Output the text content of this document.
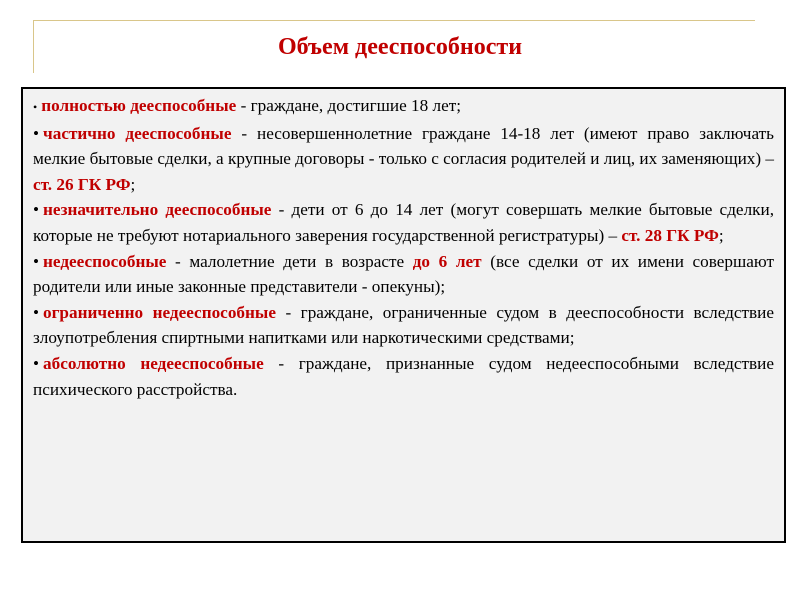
Объем дееспособности
• полностью дееспособные - граждане, достигшие 18 лет;
• частично дееспособные - несовершеннолетние граждане 14-18 лет (имеют право заключать мелкие бытовые сделки, а крупные договоры - только с согласия родителей и лиц, их заменяющих) – ст. 26 ГК РФ;
• незначительно дееспособные - дети от 6 до 14 лет (могут совершать мелкие бытовые сделки, которые не требуют нотариального заверения государственной регистратуры) – ст. 28 ГК РФ;
• недееспособные - малолетние дети в возрасте до 6 лет (все сделки от их имени совершают родители или иные законные представители - опекуны);
• ограниченно недееспособные - граждане, ограниченные судом в дееспособности вследствие злоупотребления спиртными напитками или наркотическими средствами;
• абсолютно недееспособные - граждане, признанные судом недееспособными вследствие психического расстройства.
